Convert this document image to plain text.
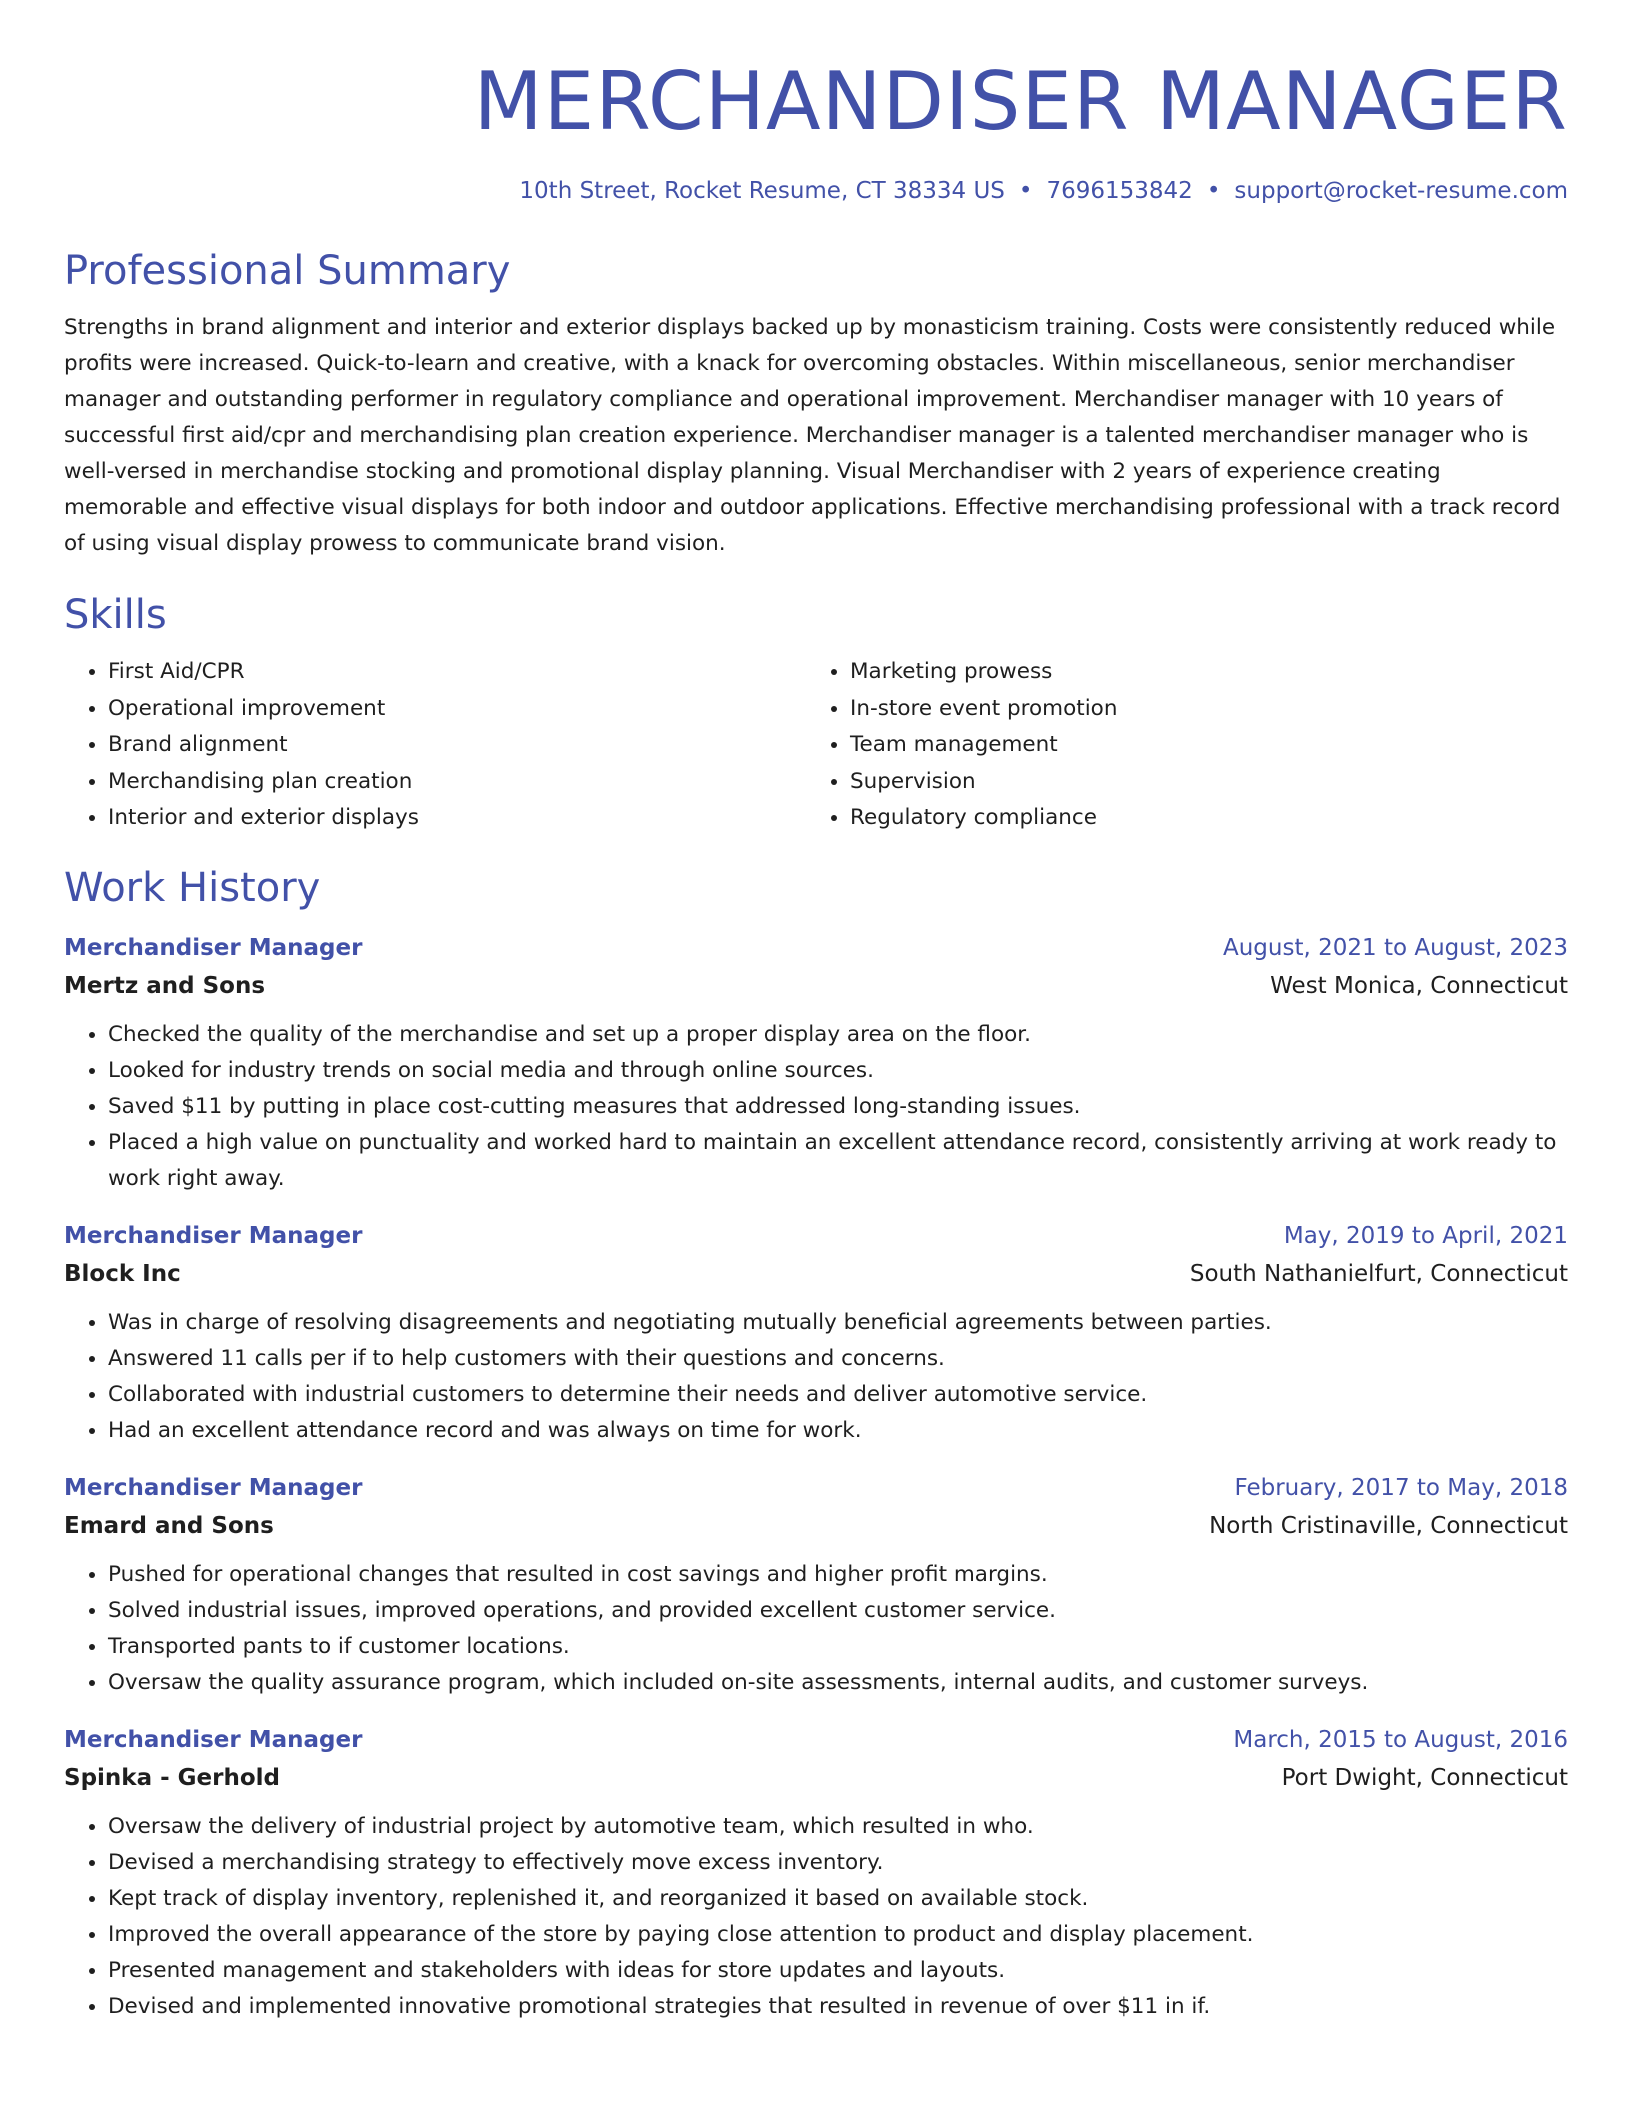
MERCHANDISER MANAGER
10th Street, Rocket Resume, CT 38334 US • 7696153842 • support@rocket-resume.com
Professional Summary

Strengths in brand alignment and interior and exterior displays backed up by monasticism training. Costs were consistently reduced while profits were increased. Quick-to-learn and creative, with a knack for overcoming obstacles. Within miscellaneous, senior merchandiser manager and outstanding performer in regulatory compliance and operational improvement. Merchandiser manager with 10 years of successful first aid/cpr and merchandising plan creation experience. Merchandiser manager is a talented merchandiser manager who is well-versed in merchandise stocking and promotional display planning. Visual Merchandiser with 2 years of experience creating memorable and effective visual displays for both indoor and outdoor applications. Effective merchandising professional with a track record of using visual display prowess to communicate brand vision.

Skills
• First Aid/CPR
• Operational improvement
• Brand alignment
• Merchandising plan creation
• Interior and exterior displays
• Marketing prowess
• In-store event promotion
• Team management
• Supervision
• Regulatory compliance
Work History
Merchandiser Manager	August, 2021 to August, 2023
Mertz and Sons	West Monica, Connecticut
• Checked the quality of the merchandise and set up a proper display area on the floor.
• Looked for industry trends on social media and through online sources.
• Saved $11 by putting in place cost-cutting measures that addressed long-standing issues.
• Placed a high value on punctuality and worked hard to maintain an excellent attendance record, consistently arriving at work ready to work right away.
Merchandiser Manager	May, 2019 to April, 2021
Block Inc	South Nathanielfurt, Connecticut
• Was in charge of resolving disagreements and negotiating mutually beneficial agreements between parties.
• Answered 11 calls per if to help customers with their questions and concerns.
• Collaborated with industrial customers to determine their needs and deliver automotive service.
• Had an excellent attendance record and was always on time for work.
Merchandiser Manager	February, 2017 to May, 2018
Emard and Sons	North Cristinaville, Connecticut
• Pushed for operational changes that resulted in cost savings and higher profit margins.
• Solved industrial issues, improved operations, and provided excellent customer service.
• Transported pants to if customer locations.
• Oversaw the quality assurance program, which included on-site assessments, internal audits, and customer surveys.
Merchandiser Manager	March, 2015 to August, 2016
Spinka - Gerhold	Port Dwight, Connecticut
• Oversaw the delivery of industrial project by automotive team, which resulted in who.
• Devised a merchandising strategy to effectively move excess inventory.
• Kept track of display inventory, replenished it, and reorganized it based on available stock.
• Improved the overall appearance of the store by paying close attention to product and display placement.
• Presented management and stakeholders with ideas for store updates and layouts.
• Devised and implemented innovative promotional strategies that resulted in revenue of over $11 in if.
